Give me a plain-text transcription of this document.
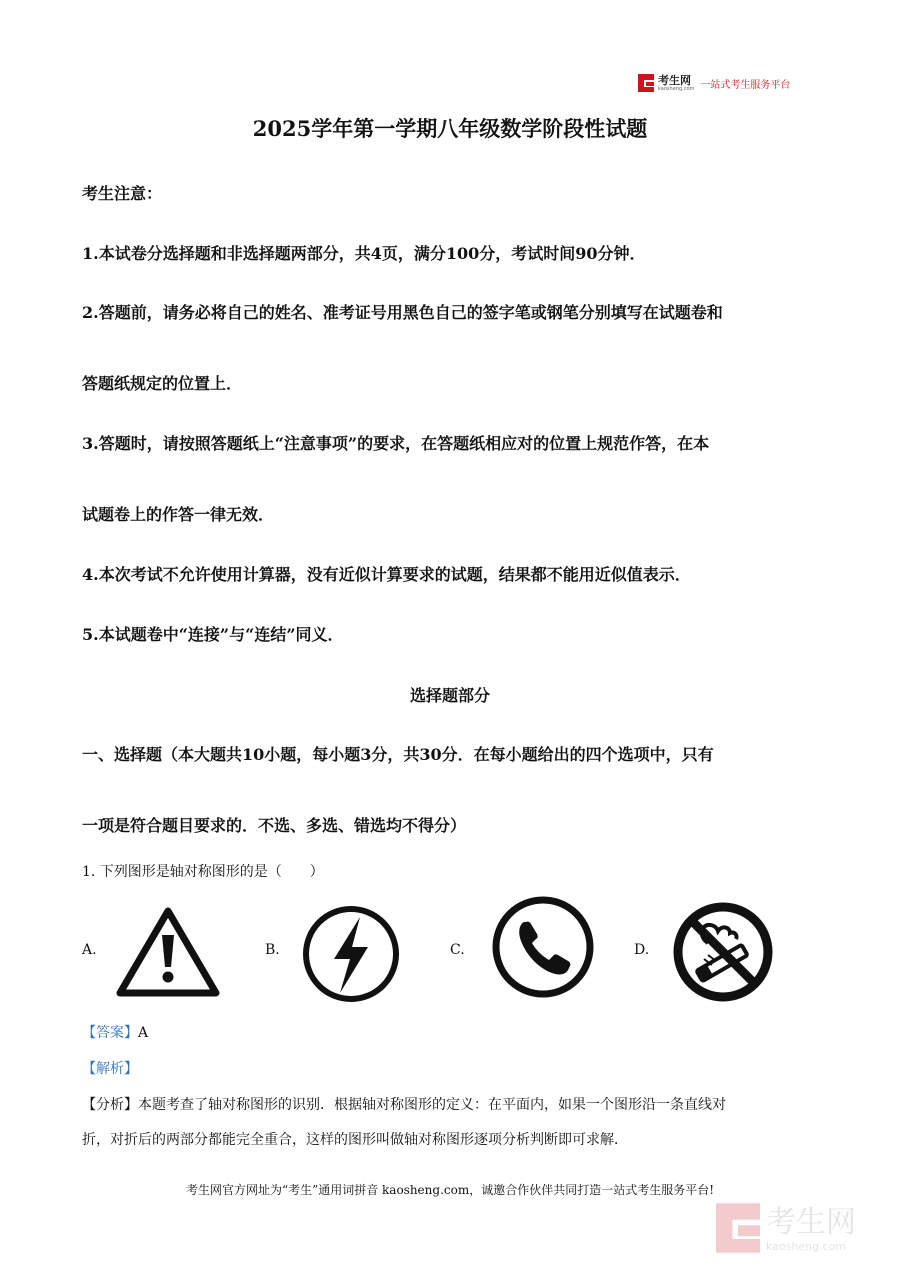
考生网
kaosheng.com 一站式考生服务平台
2025学年第一学期八年级数学阶段性试题
考生注意：
1.本试卷分选择题和非选择题两部分，共4页，满分100分，考试时间90分钟．
2.答题前，请务必将自己的姓名、准考证号用黑色自己的签字笔或钢笔分别填写在试题卷和
答题纸规定的位置上．
3.答题时，请按照答题纸上“注意事项”的要求，在答题纸相应对的位置上规范作答，在本
试题卷上的作答一律无效．
4.本次考试不允许使用计算器，没有近似计算要求的试题，结果都不能用近似值表示．
5.本试题卷中“连接”与“连结”同义．
选择题部分
一、选择题（本大题共10小题，每小题3分，共30分．在每小题给出的四个选项中，只有
一项是符合题目要求的．不选、多选、错选均不得分）
1. 下列图形是轴对称图形的是（　　）
A.	B.	C.	D.
【答案】A
【解析】
【分析】本题考查了轴对称图形的识别．根据轴对称图形的定义：在平面内，如果一个图形沿一条直线对
折，对折后的两部分都能完全重合，这样的图形叫做轴对称图形逐项分析判断即可求解．
考生网官方网址为“考生”通用词拼音 kaosheng.com，诚邀合作伙伴共同打造一站式考生服务平台!
考生网
kaosheng.com
